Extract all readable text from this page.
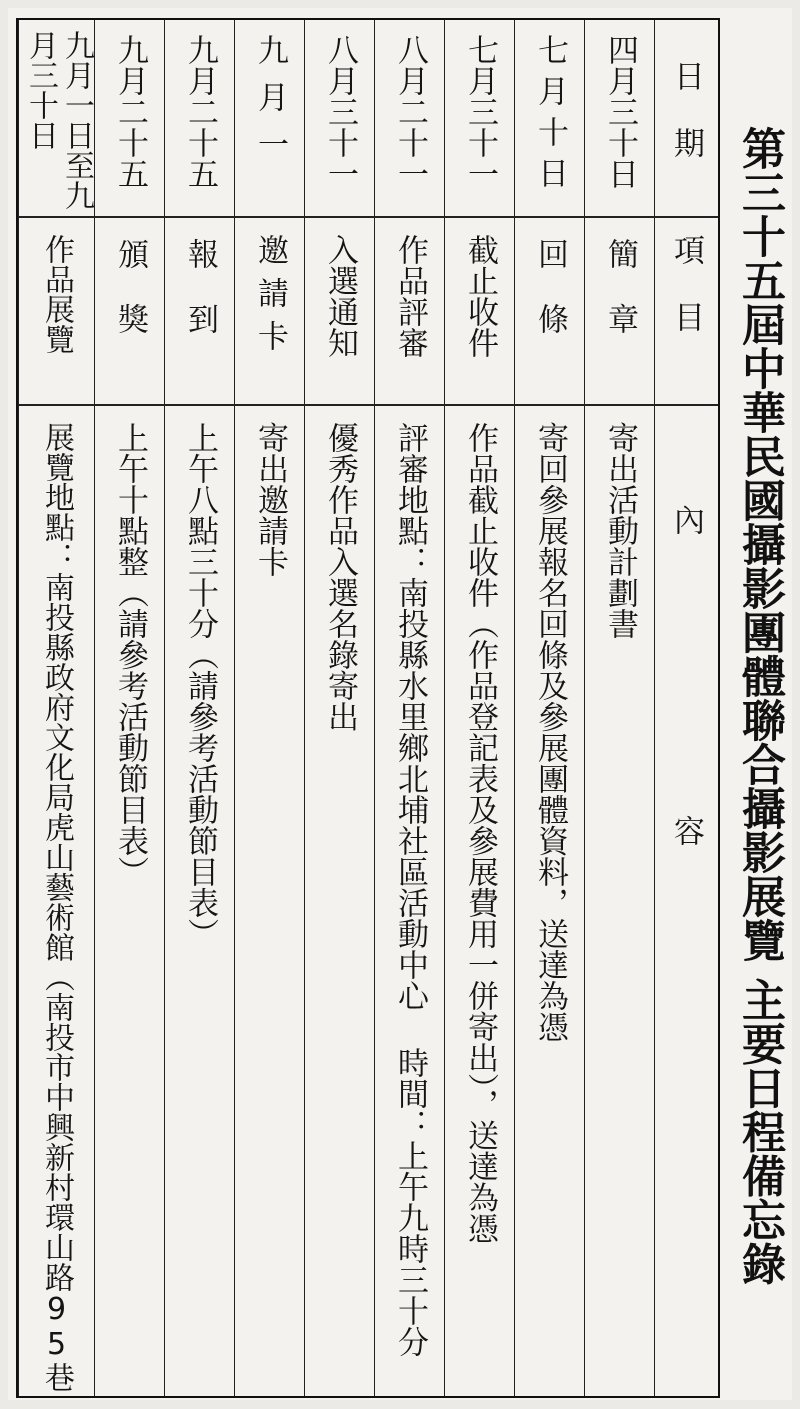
第三十五屆中華民國攝影團體聯合攝影展覽 主要日程備忘錄
日期
項目
內容
四月三十日
簡章
寄出活動計劃書
七月十日
回條
寄回參展報名回條及參展團體資料，送達為憑
七月三十一
截止收件
作品截止收件（作品登記表及參展費用一併寄出），送達為憑
八月二十一
作品評審
評審地點：南投縣水里鄉北埔社區活動中心 時間：上午九時三十分
八月三十一
入選通知
優秀作品入選名錄寄出
九月一
邀請卡
寄出邀請卡
九月二十五
報到
上午八點三十分（請參考活動節目表）
九月二十五
頒獎
上午十點整（請參考活動節目表）
九月一日至九月三十日
作品展覽
展覽地點：南投縣政府文化局虎山藝術館（南投市中興新村環山路95巷
